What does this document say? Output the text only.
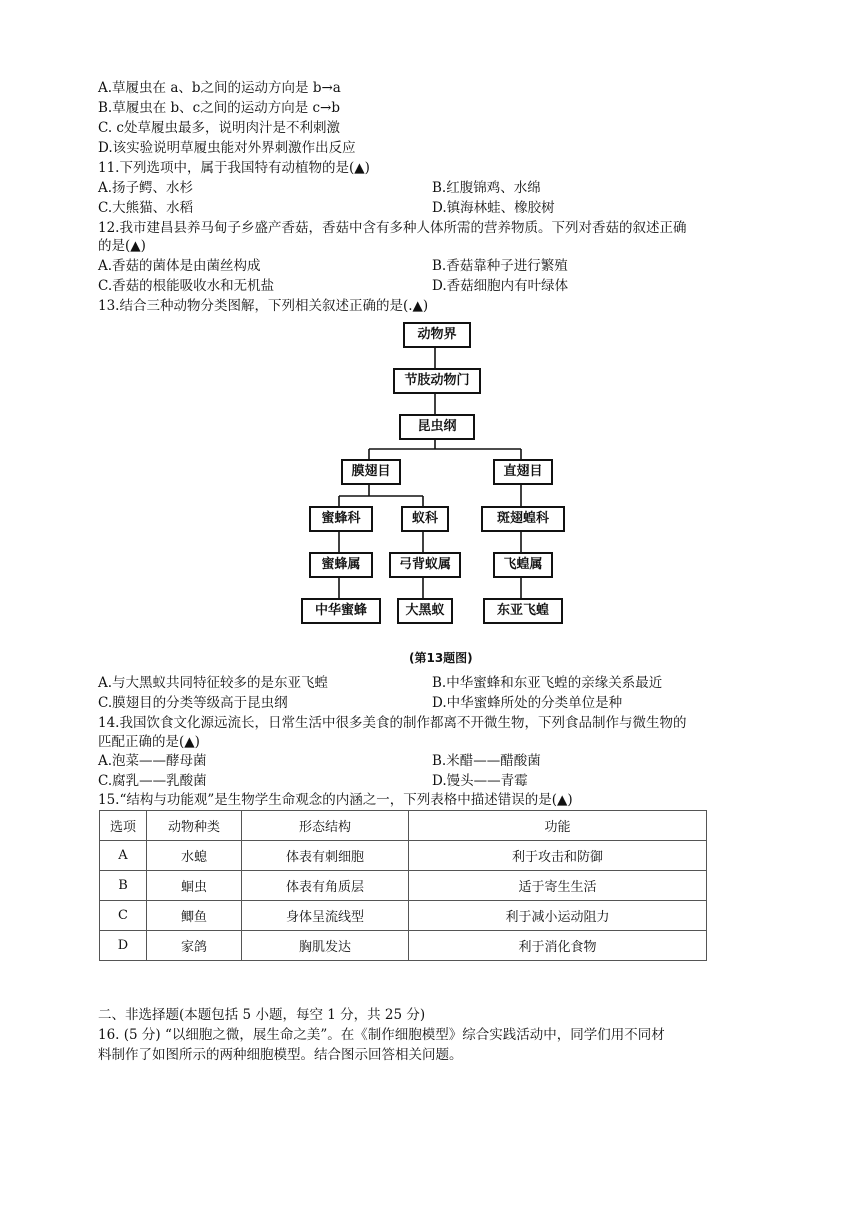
A.草履虫在 a、b之间的运动方向是 b→a
B.草履虫在 b、c之间的运动方向是 c→b
C. c处草履虫最多，说明肉汁是不利刺激
D.该实验说明草履虫能对外界刺激作出反应
11.下列选项中，属于我国特有动植物的是(▲)
A.扬子鳄、水杉	B.红腹锦鸡、水绵
C.大熊猫、水稻	D.镇海林蛙、橡胶树
12.我市建昌县养马甸子乡盛产香菇，香菇中含有多种人体所需的营养物质。下列对香菇的叙述正确
的是(▲)
A.香菇的菌体是由菌丝构成	B.香菇靠种子进行繁殖
C.香菇的根能吸收水和无机盐	D.香菇细胞内有叶绿体
13.结合三种动物分类图解，下列相关叙述正确的是(.▲)
动物界
节肢动物门
昆虫纲
膜翅目	直翅目
蜜蜂科	蚁科	斑翅蝗科
蜜蜂属	弓背蚁属	飞蝗属
中华蜜蜂	大黑蚁	东亚飞蝗
(第13题图)
A.与大黑蚁共同特征较多的是东亚飞蝗	B.中华蜜蜂和东亚飞蝗的亲缘关系最近
C.膜翅目的分类等级高于昆虫纲	D.中华蜜蜂所处的分类单位是种
14.我国饮食文化源远流长，日常生活中很多美食的制作都离不开微生物，下列食品制作与微生物的
匹配正确的是(▲)
A.泡菜——酵母菌	B.米醋——醋酸菌
C.腐乳——乳酸菌	D.馒头——青霉
15.“结构与功能观”是生物学生命观念的内涵之一，下列表格中描述错误的是(▲)
选项	动物种类	形态结构	功能
A	水螅	体表有刺细胞	利于攻击和防御
B	蛔虫	体表有角质层	适于寄生生活
C	鲫鱼	身体呈流线型	利于减小运动阻力
D	家鸽	胸肌发达	利于消化食物
二、非选择题(本题包括 5 小题，每空 1 分，共 25 分)
16. (5 分) “以细胞之微，展生命之美”。在《制作细胞模型》综合实践活动中，同学们用不同材
料制作了如图所示的两种细胞模型。结合图示回答相关问题。
